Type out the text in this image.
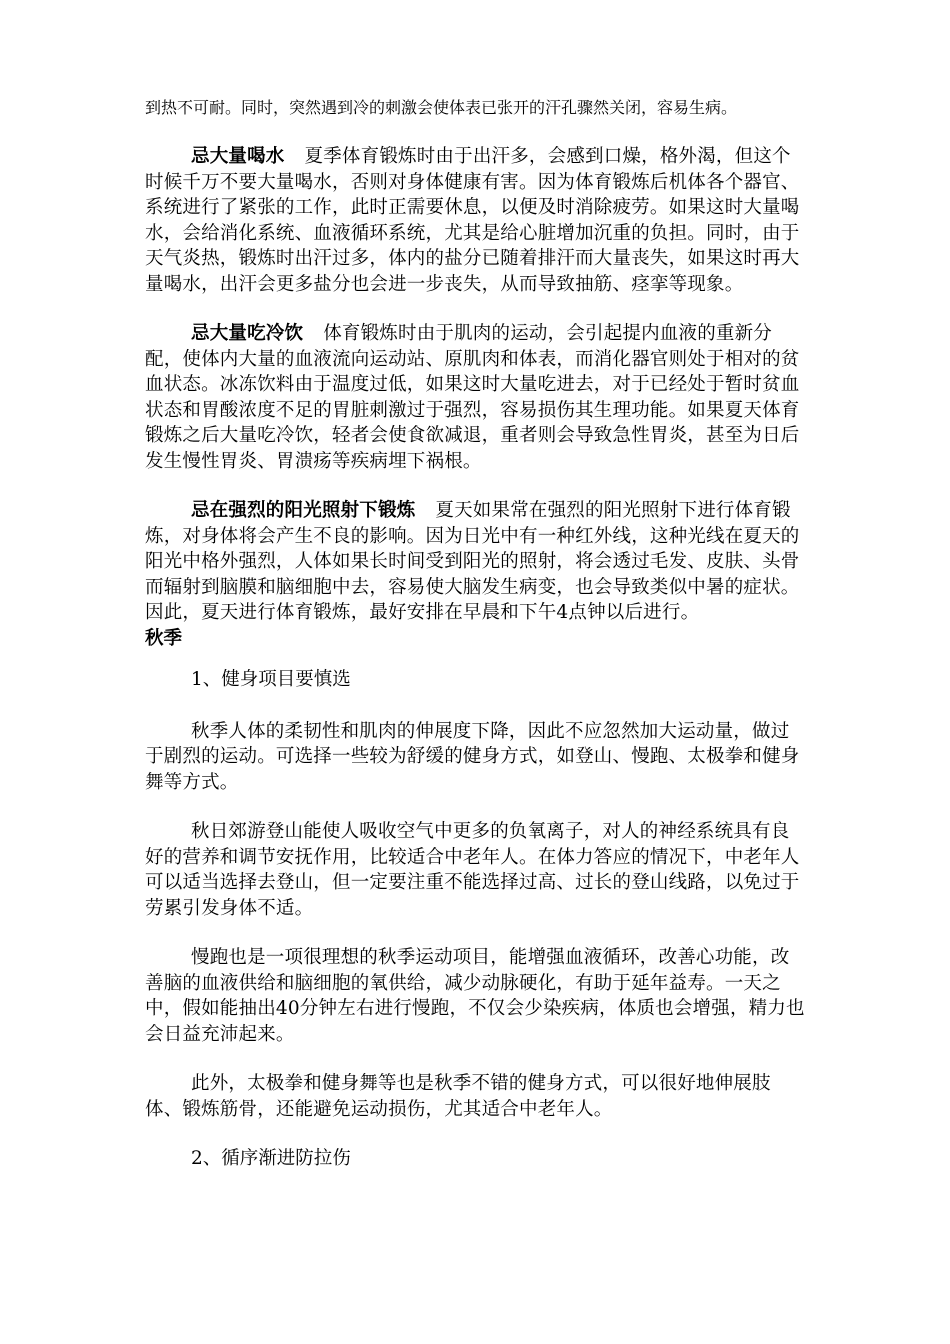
到热不可耐。同时，突然遇到冷的刺激会使体表已张开的汗孔骤然关闭，容易生病。

忌大量喝水 夏季体育锻炼时由于出汗多，会感到口燥，格外渴，但这个时候千万不要大量喝水，否则对身体健康有害。因为体育锻炼后机体各个器官、系统进行了紧张的工作，此时正需要休息，以便及时消除疲劳。如果这时大量喝水，会给消化系统、血液循环系统，尤其是给心脏增加沉重的负担。同时，由于天气炎热，锻炼时出汗过多，体内的盐分已随着排汗而大量丧失，如果这时再大量喝水，出汗会更多盐分也会进一步丧失，从而导致抽筋、痉挛等现象。

忌大量吃冷饮 体育锻炼时由于肌肉的运动，会引起提内血液的重新分配，使体内大量的血液流向运动站、原肌肉和体表，而消化器官则处于相对的贫血状态。冰冻饮料由于温度过低，如果这时大量吃进去，对于已经处于暂时贫血状态和胃酸浓度不足的胃脏刺激过于强烈，容易损伤其生理功能。如果夏天体育锻炼之后大量吃冷饮，轻者会使食欲减退，重者则会导致急性胃炎，甚至为日后发生慢性胃炎、胃溃疡等疾病埋下祸根。

忌在强烈的阳光照射下锻炼 夏天如果常在强烈的阳光照射下进行体育锻炼，对身体将会产生不良的影响。因为日光中有一种红外线，这种光线在夏天的阳光中格外强烈，人体如果长时间受到阳光的照射，将会透过毛发、皮肤、头骨而辐射到脑膜和脑细胞中去，容易使大脑发生病变，也会导致类似中暑的症状。因此，夏天进行体育锻炼，最好安排在早晨和下午4点钟以后进行。

秋季

1、健身项目要慎选

秋季人体的柔韧性和肌肉的伸展度下降，因此不应忽然加大运动量，做过于剧烈的运动。可选择一些较为舒缓的健身方式，如登山、慢跑、太极拳和健身舞等方式。

秋日郊游登山能使人吸收空气中更多的负氧离子，对人的神经系统具有良好的营养和调节安抚作用，比较适合中老年人。在体力答应的情况下，中老年人可以适当选择去登山，但一定要注重不能选择过高、过长的登山线路，以免过于劳累引发身体不适。

慢跑也是一项很理想的秋季运动项目，能增强血液循环，改善心功能，改善脑的血液供给和脑细胞的氧供给，减少动脉硬化，有助于延年益寿。一天之中，假如能抽出40分钟左右进行慢跑，不仅会少染疾病，体质也会增强，精力也会日益充沛起来。

此外，太极拳和健身舞等也是秋季不错的健身方式，可以很好地伸展肢体、锻炼筋骨，还能避免运动损伤，尤其适合中老年人。

2、循序渐进防拉伤
